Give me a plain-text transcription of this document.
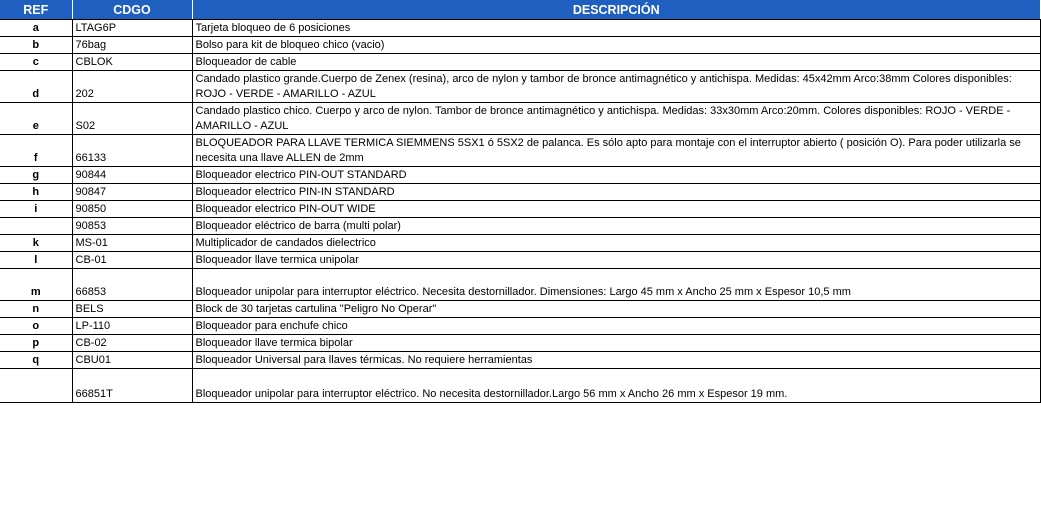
REF	CDGO	DESCRIPCIÓN
a	LTAG6P	Tarjeta bloqueo de 6 posiciones
b	76bag	Bolso para kit de bloqueo chico (vacio)
c	CBLOK	Bloqueador de cable
d	202	Candado plastico grande.Cuerpo de Zenex (resina), arco de nylon y tambor de bronce antimagnético y antichispa. Medidas: 45x42mm Arco:38mm Colores disponibles: ROJO - VERDE - AMARILLO - AZUL
e	S02	Candado plastico chico. Cuerpo y arco de nylon. Tambor de bronce antimagnético y antichispa. Medidas: 33x30mm Arco:20mm. Colores disponibles: ROJO - VERDE - AMARILLO - AZUL
f	66133	BLOQUEADOR PARA LLAVE TERMICA SIEMMENS 5SX1 ó 5SX2 de palanca. Es sólo apto para montaje con el interruptor abierto ( posición O). Para poder utilizarla se necesita una llave ALLEN de 2mm
g	90844	Bloqueador electrico PIN-OUT STANDARD
h	90847	Bloqueador electrico PIN-IN STANDARD
i	90850	Bloqueador electrico PIN-OUT WIDE
	90853	Bloqueador eléctrico de barra (multi polar)
k	MS-01	Multiplicador de candados dielectrico
l	CB-01	Bloqueador llave termica unipolar
m	66853	Bloqueador unipolar para interruptor eléctrico. Necesita destornillador. Dimensiones: Largo 45 mm x Ancho 25 mm x Espesor 10,5 mm
n	BELS	Block de 30 tarjetas cartulina "Peligro No Operar"
o	LP-110	Bloqueador para enchufe chico
p	CB-02	Bloqueador llave termica bipolar
q	CBU01	Bloqueador Universal para llaves térmicas. No requiere herramientas
	66851T	Bloqueador unipolar para interruptor eléctrico. No necesita destornillador.Largo 56 mm x Ancho 26 mm x Espesor 19 mm.
